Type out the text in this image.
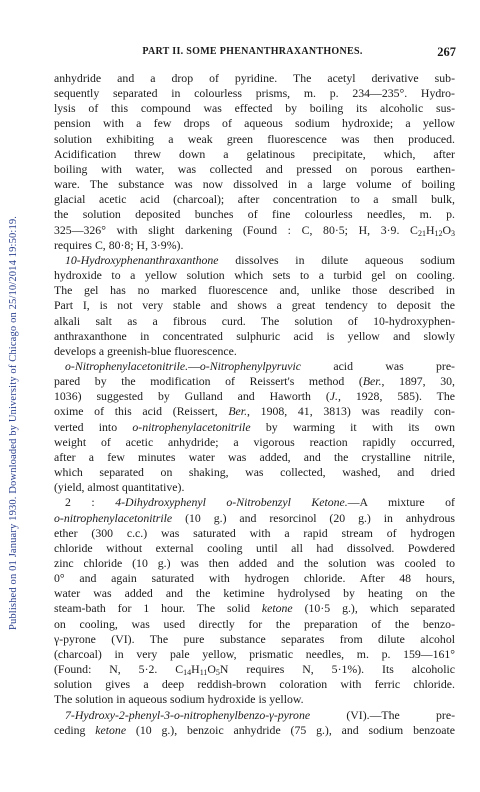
Published on 01 January 1930. Downloaded by University of Chicago on 25/10/2014 19:50:19.
PART II. SOME PHENANTHRAXANTHONES.	267
anhydride and a drop of pyridine. The acetyl derivative sub-
sequently separated in colourless prisms, m. p. 234—235°. Hydro-
lysis of this compound was effected by boiling its alcoholic sus-
pension with a few drops of aqueous sodium hydroxide; a yellow
solution exhibiting a weak green fluorescence was then produced.
Acidification threw down a gelatinous precipitate, which, after
boiling with water, was collected and pressed on porous earthen-
ware. The substance was now dissolved in a large volume of boiling
glacial acetic acid (charcoal); after concentration to a small bulk,
the solution deposited bunches of fine colourless needles, m. p.
325—326° with slight darkening (Found : C, 80·5; H, 3·9. $C_{21}H_{12}O_3$
requires C, 80·8; H, 3·9%).
10-Hydroxyphenanthraxanthone dissolves in dilute aqueous sodium
hydroxide to a yellow solution which sets to a turbid gel on cooling.
The gel has no marked fluorescence and, unlike those described in
Part I, is not very stable and shows a great tendency to deposit the
alkali salt as a fibrous curd. The solution of 10-hydroxyphen-
anthraxanthone in concentrated sulphuric acid is yellow and slowly
develops a greenish-blue fluorescence.
o-Nitrophenylacetonitrile.—o-Nitrophenylpyruvic acid was pre-
pared by the modification of Reissert's method (Ber., 1897, 30,
1036) suggested by Gulland and Haworth (J., 1928, 585). The
oxime of this acid (Reissert, Ber., 1908, 41, 3813) was readily con-
verted into o-nitrophenylacetonitrile by warming it with its own
weight of acetic anhydride; a vigorous reaction rapidly occurred,
after a few minutes water was added, and the crystalline nitrile,
which separated on shaking, was collected, washed, and dried
(yield, almost quantitative).
2 : 4-Dihydroxyphenyl o-Nitrobenzyl Ketone.—A mixture of
o-nitrophenylacetonitrile (10 g.) and resorcinol (20 g.) in anhydrous
ether (300 c.c.) was saturated with a rapid stream of hydrogen
chloride without external cooling until all had dissolved. Powdered
zinc chloride (10 g.) was then added and the solution was cooled to
0° and again saturated with hydrogen chloride. After 48 hours,
water was added and the ketimine hydrolysed by heating on the
steam-bath for 1 hour. The solid ketone (10·5 g.), which separated
on cooling, was used directly for the preparation of the benzo-
γ-pyrone (VI). The pure substance separates from dilute alcohol
(charcoal) in very pale yellow, prismatic needles, m. p. 159—161°
(Found: N, 5·2. $C_{14}H_{11}O_5N$ requires N, 5·1%). Its alcoholic
solution gives a deep reddish-brown coloration with ferric chloride.
The solution in aqueous sodium hydroxide is yellow.
7-Hydroxy-2-phenyl-3-o-nitrophenylbenzo-γ-pyrone (VI).—The pre-
ceding ketone (10 g.), benzoic anhydride (75 g.), and sodium benzoate
